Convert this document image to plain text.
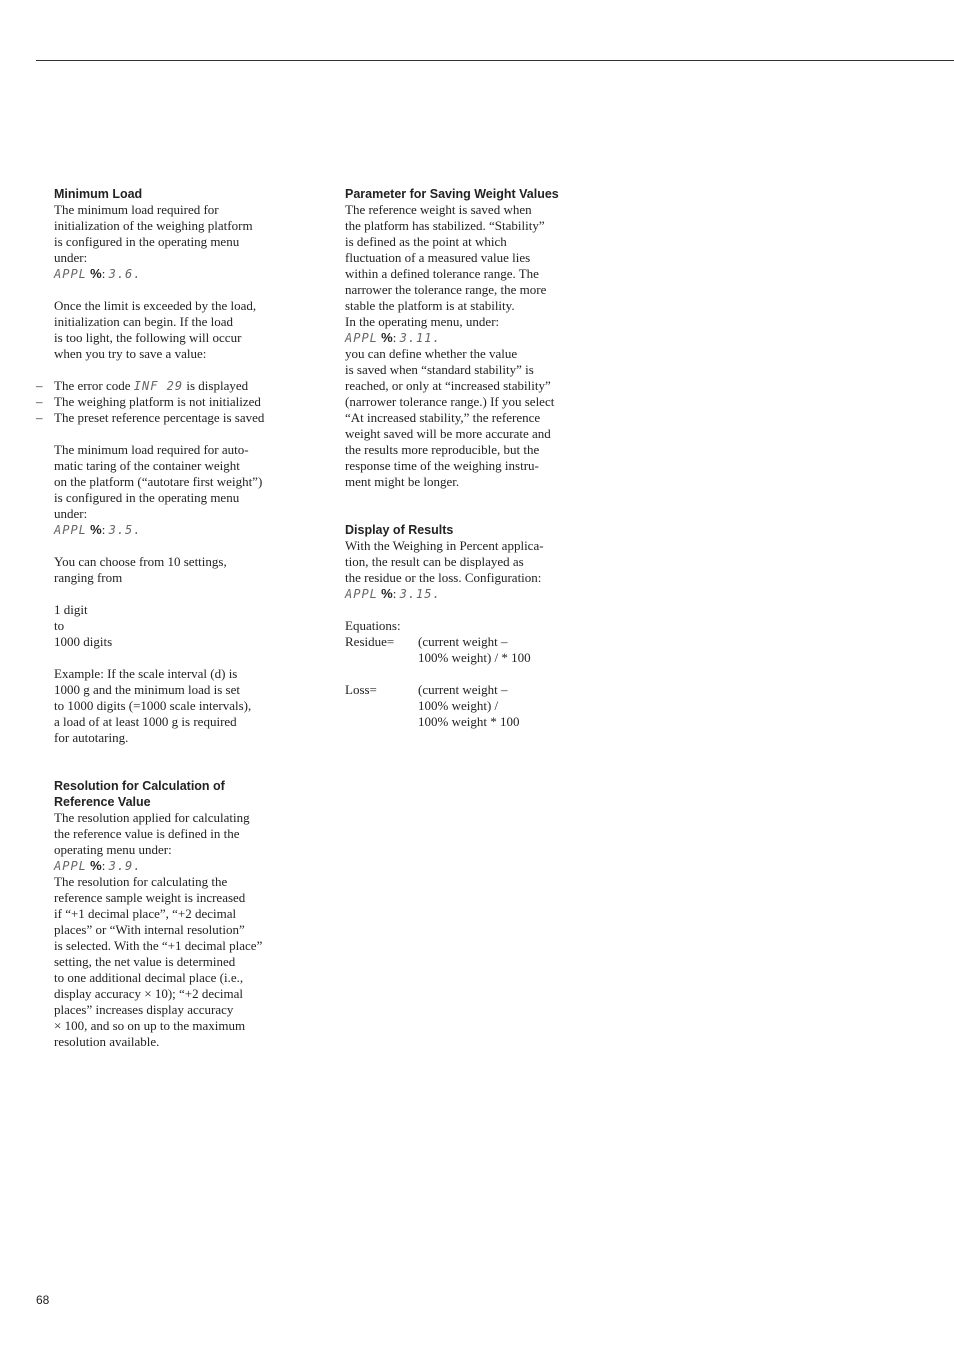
Minimum Load

The minimum load required for

initialization of the weighing platform

is configured in the operating menu

under:

APPL %: 3.6.

Once the limit is exceeded by the load,

initialization can begin. If the load

is too light, the following will occur

when you try to save a value:

– The error code INF 29 is displayed
– The weighing platform is not initialized
– The preset reference percentage is saved

The minimum load required for auto-

matic taring of the container weight

on the platform (“autotare first weight”)

is configured in the operating menu

under:

APPL %: 3.5.

You can choose from 10 settings,

ranging from

1 digit

to

1000 digits

Example: If the scale interval (d) is

1000 g and the minimum load is set

to 1000 digits (=1000 scale intervals),

a load of at least 1000 g is required

for autotaring.

Resolution for Calculation of

Reference Value

The resolution applied for calculating

the reference value is defined in the

operating menu under:

APPL %: 3.9.

The resolution for calculating the

reference sample weight is increased

if “+1 decimal place”, “+2 decimal

places” or “With internal resolution”

is selected. With the “+1 decimal place”

setting, the net value is determined

to one additional decimal place (i.e.,

display accuracy × 10); “+2 decimal

places” increases display accuracy

× 100, and so on up to the maximum

resolution available.

Parameter for Saving Weight Values

The reference weight is saved when

the platform has stabilized. “Stability”

is defined as the point at which

fluctuation of a measured value lies

within a defined tolerance range. The

narrower the tolerance range, the more

stable the platform is at stability.

In the operating menu, under:

APPL %: 3.11.

you can define whether the value

is saved when “standard stability” is

reached, or only at “increased stability”

(narrower tolerance range.) If you select

“At increased stability,” the reference

weight saved will be more accurate and

the results more reproducible, but the

response time of the weighing instru-

ment might be longer.

Display of Results

With the Weighing in Percent applica-

tion, the result can be displayed as

the residue or the loss. Configuration:

APPL %: 3.15.

Equations:

Residue=	(current weight –

100% weight) / * 100

Loss=	(current weight –

100% weight) /

100% weight * 100

68
